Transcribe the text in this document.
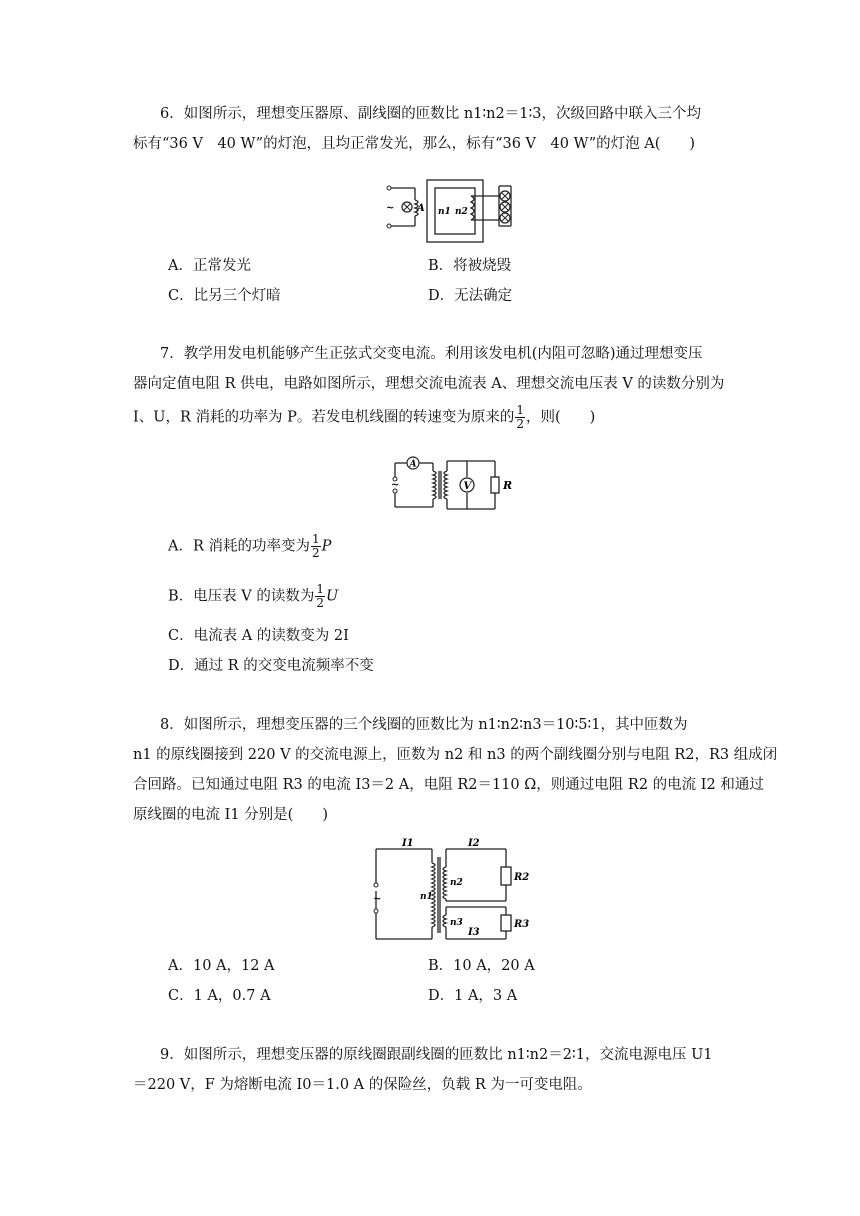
6．如图所示，理想变压器原、副线圈的匝数比 n1∶n2＝1∶3，次级回路中联入三个均
标有“36 V　40 W”的灯泡，且均正常发光，那么，标有“36 V　40 W”的灯泡 A(　　)
~ A n1 n2
A．正常发光	B．将被烧毁
C．比另三个灯暗	D．无法确定
7．教学用发电机能够产生正弦式交变电流。利用该发电机(内阻可忽略)通过理想变压
器向定值电阻 R 供电，电路如图所示，理想交流电流表 A、理想交流电压表 V 的读数分别为
I、U，R 消耗的功率为 P。若发电机线圈的转速变为原来的 $\frac{1}{2}$ ，则(　　)
A
V
~	R
A．R 消耗的功率变为 $\frac{1}{2}$ P
B．电压表 V 的读数为 $\frac{1}{2}$ U
C．电流表 A 的读数变为 2I
D．通过 R 的交变电流频率不变
8．如图所示，理想变压器的三个线圈的匝数比为 n1∶n2∶n3＝10∶5∶1，其中匝数为
n1 的原线圈接到 220 V 的交流电源上，匝数为 n2 和 n3 的两个副线圈分别与电阻 R2，R3 组成闭
合回路。已知通过电阻 R3 的电流 I3＝2 A，电阻 R2＝110 Ω，则通过电阻 R2 的电流 I2 和通过
原线圈的电流 I1 分别是(　　)
~
I1	I2
I3
n1
n2
n3
R2
R3
A．10 A，12 A	B．10 A，20 A
C．1 A，0.7 A	D．1 A，3 A
9．如图所示，理想变压器的原线圈跟副线圈的匝数比 n1∶n2＝2∶1，交流电源电压 U1
＝220 V，F 为熔断电流 I0＝1.0 A 的保险丝，负载 R 为一可变电阻。
